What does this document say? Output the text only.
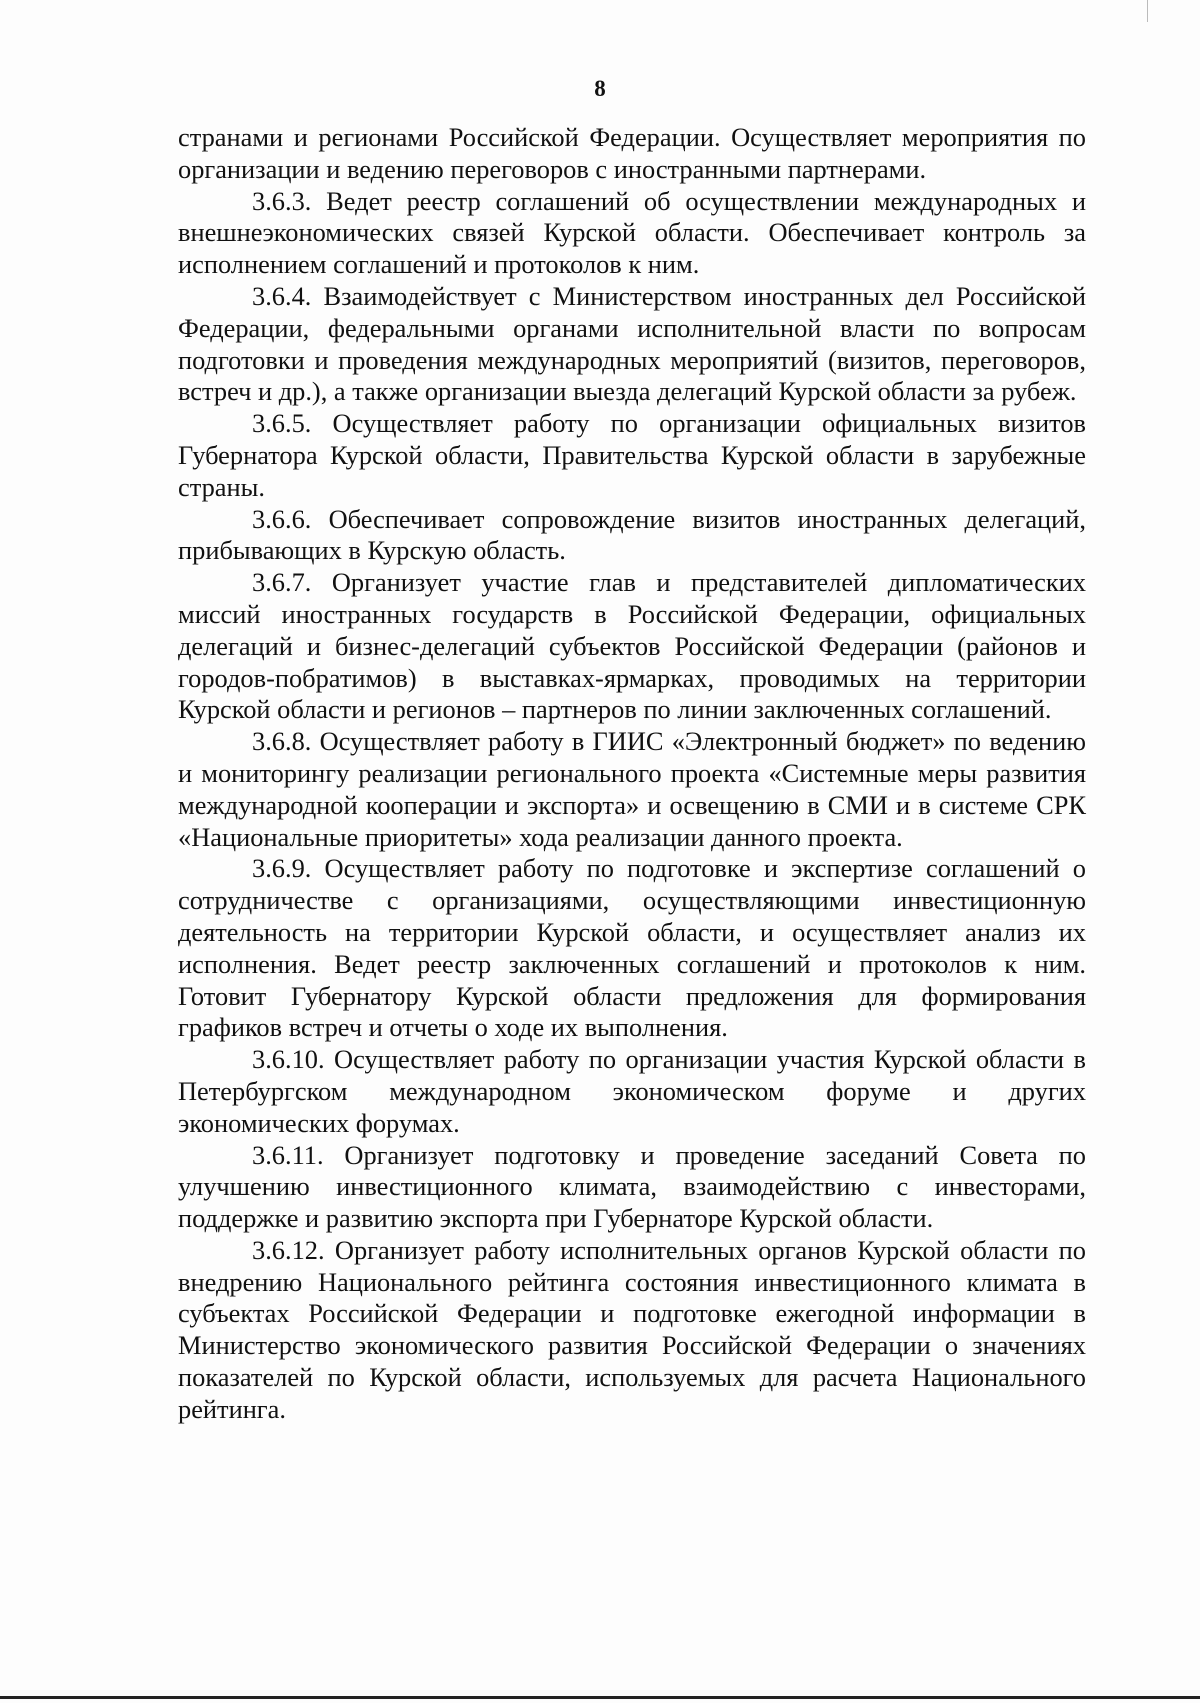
8

странами и регионами Российской Федерации. Осуществляет мероприятия по организации и ведению переговоров с иностранными партнерами.

3.6.3. Ведет реестр соглашений об осуществлении международных и внешнеэкономических связей Курской области. Обеспечивает контроль за исполнением соглашений и протоколов к ним.

3.6.4. Взаимодействует с Министерством иностранных дел Российской Федерации, федеральными органами исполнительной власти по вопросам подготовки и проведения международных мероприятий (визитов, переговоров, встреч и др.), а также организации выезда делегаций Курской области за рубеж.

3.6.5. Осуществляет работу по организации официальных визитов Губернатора Курской области, Правительства Курской области в зарубежные страны.

3.6.6. Обеспечивает сопровождение визитов иностранных делегаций, прибывающих в Курскую область.

3.6.7. Организует участие глав и представителей дипломатических миссий иностранных государств в Российской Федерации, официальных делегаций и бизнес-делегаций субъектов Российской Федерации (районов и городов-побратимов) в выставках-ярмарках, проводимых на территории Курской области и регионов – партнеров по линии заключенных соглашений.

3.6.8. Осуществляет работу в ГИИС «Электронный бюджет» по ведению и мониторингу реализации регионального проекта «Системные меры развития международной кооперации и экспорта» и освещению в СМИ и в системе СРК «Национальные приоритеты» хода реализации данного проекта.

3.6.9. Осуществляет работу по подготовке и экспертизе соглашений о сотрудничестве с организациями, осуществляющими инвестиционную деятельность на территории Курской области, и осуществляет анализ их исполнения. Ведет реестр заключенных соглашений и протоколов к ним. Готовит Губернатору Курской области предложения для формирования графиков встреч и отчеты о ходе их выполнения.

3.6.10. Осуществляет работу по организации участия Курской области в Петербургском международном экономическом форуме и других экономических форумах.

3.6.11. Организует подготовку и проведение заседаний Совета по улучшению инвестиционного климата, взаимодействию с инвесторами, поддержке и развитию экспорта при Губернаторе Курской области.

3.6.12. Организует работу исполнительных органов Курской области по внедрению Национального рейтинга состояния инвестиционного климата в субъектах Российской Федерации и подготовке ежегодной информации в Министерство экономического развития Российской Федерации о значениях показателей по Курской области, используемых для расчета Национального рейтинга.
